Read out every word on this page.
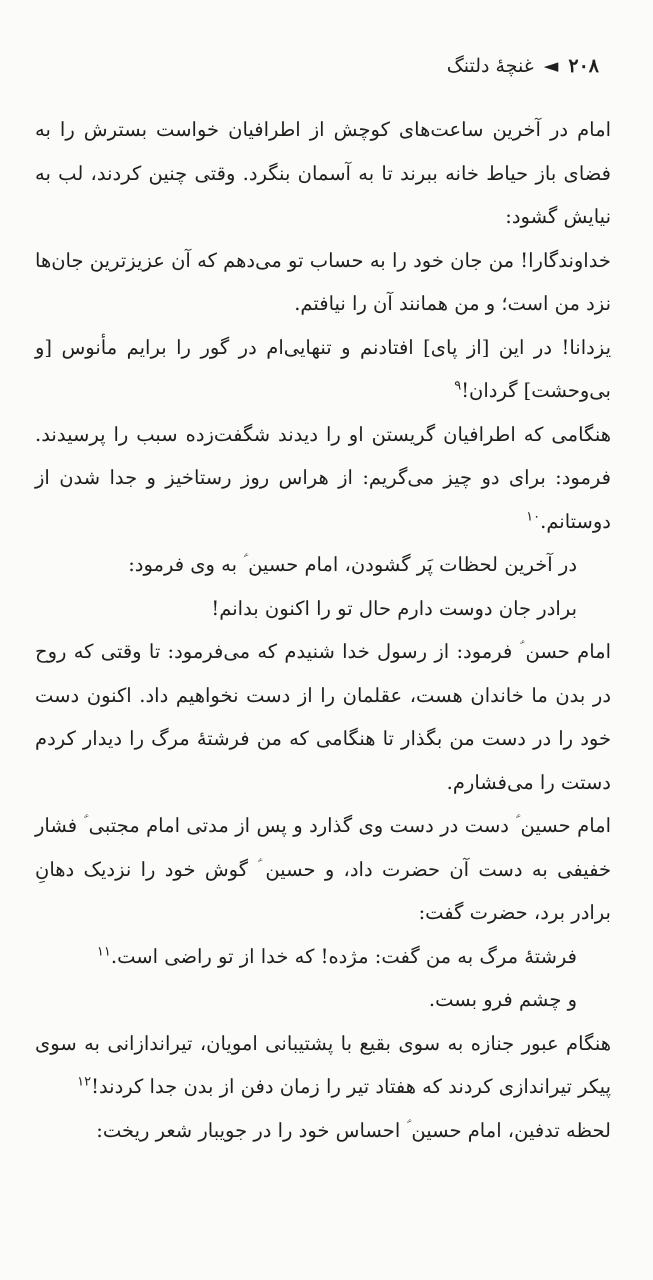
۲۰۸ ◄ غنچهٔ دلتنگ

امام در آخرین ساعت‌های کوچش از اطرافیان خواست بسترش را به فضای باز حیاط خانه ببرند تا به آسمان بنگرد. وقتی چنین کردند، لب به نیایش گشود:

خداوندگارا! من جان خود را به حساب تو می‌دهم که آن عزیزترین جان‌ها نزد من است؛ و من همانند آن را نیافتم.

یزدانا! در این [از پای] افتادنم و تنهایی‌ام در گور را برایم مأنوس [و بی‌وحشت] گردان!$^۹$

هنگامی که اطرافیان گریستن او را دیدند شگفت‌زده سبب را پرسیدند. فرمود: برای دو چیز می‌گریم: از هراس روز رستاخیز و جدا شدن از دوستانم.$^{۱۰}$

در آخرین لحظات پَر گشودن، امام حسین ؑ به وی فرمود:

برادر جان دوست دارم حال تو را اکنون بدانم!

امام حسن ؑ فرمود: از رسول خدا شنیدم که می‌فرمود: تا وقتی که روح در بدن ما خاندان هست، عقلمان را از دست نخواهیم داد. اکنون دست خود را در دست من بگذار تا هنگامی که من فرشتهٔ مرگ را دیدار کردم دستت را می‌فشارم.

امام حسین ؑ دست در دست وی گذارد و پس از مدتی امام مجتبی ؑ فشار خفیفی به دست آن حضرت داد، و حسین ؑ گوش خود را نزدیک دهانِ برادر برد، حضرت گفت:

فرشتهٔ مرگ به من گفت: مژده! که خدا از تو راضی است.$^{۱۱}$

و چشم فرو بست.

هنگام عبور جنازه به سوی بقیع با پشتیبانی امویان، تیراندازانی به سوی پیکر تیراندازی کردند که هفتاد تیر را زمان دفن از بدن جدا کردند!$^{۱۲}$

لحظه تدفین، امام حسین ؑ احساس خود را در جویبار شعر ریخت:
